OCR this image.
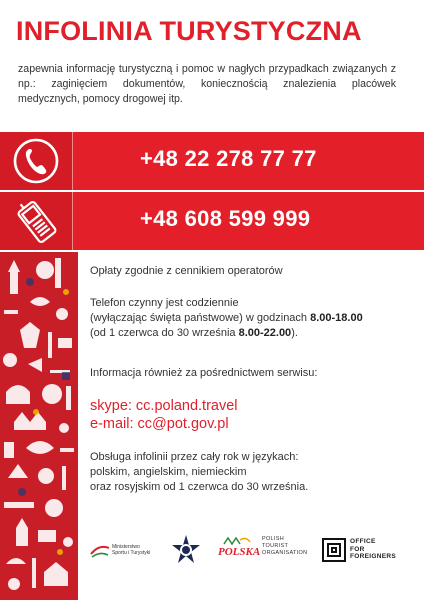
INFOLINIA TURYSTYCZNA

zapewnia informację turystyczną i pomoc w nagłych przypadkach związanych z np.: zaginięciem dokumentów, koniecznością znalezienia placówek medycznych, pomocy drogowej itp.

+48 22 278 77 77

+48 608 599 999

Opłaty zgodnie z cennikiem operatorów

Telefon czynny jest codziennie
(wyłączając święta państwowe) w godzinach 8.00-18.00
(od 1 czerwca do 30 września 8.00-22.00).

Informacja również za pośrednictwem serwisu:

skype: cc.poland.travel
e-mail: cc@pot.gov.pl
Obsługa infolinii przez cały rok w językach:
polskim, angielskim, niemieckim
oraz rosyjskim od 1 czerwca do 30 września.
Ministerstwo
Sportu i Turystyki	POLSKA
POLISH
TOURIST
ORGANISATION
OFFICE
FOR
FOREIGNERS
